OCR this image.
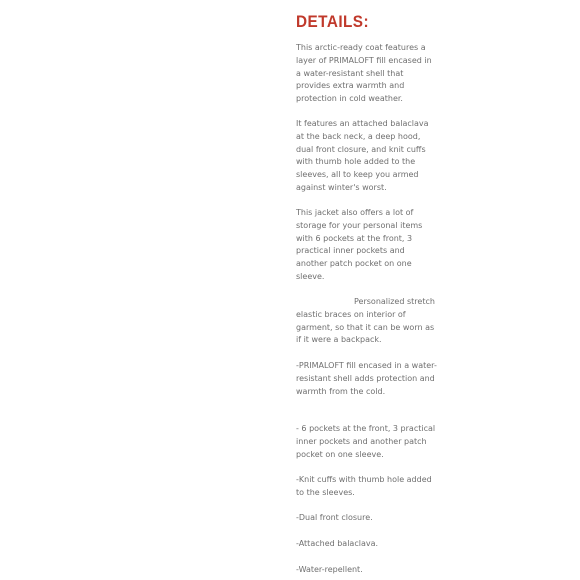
DETAILS:

This arctic-ready coat features a layer of PRIMALOFT fill encased in a water-resistant shell that provides extra warmth and protection in cold weather.

It features an attached balaclava at the back neck, a deep hood, dual front closure, and knit cuffs with thumb hole added to the sleeves, all to keep you armed against winter's worst.

This jacket also offers a lot of storage for your personal items with 6 pockets at the front, 3 practical inner pockets and another patch pocket on one sleeve.

Personalized stretch elastic braces on interior of garment, so that it can be worn as if it were a backpack.

-PRIMALOFT fill encased in a water-resistant shell adds protection and warmth from the cold.

- 6 pockets at the front, 3 practical inner pockets and another patch pocket on one sleeve.

-Knit cuffs with thumb hole added to the sleeves.

-Dual front closure.

-Attached balaclava.

-Water-repellent.
